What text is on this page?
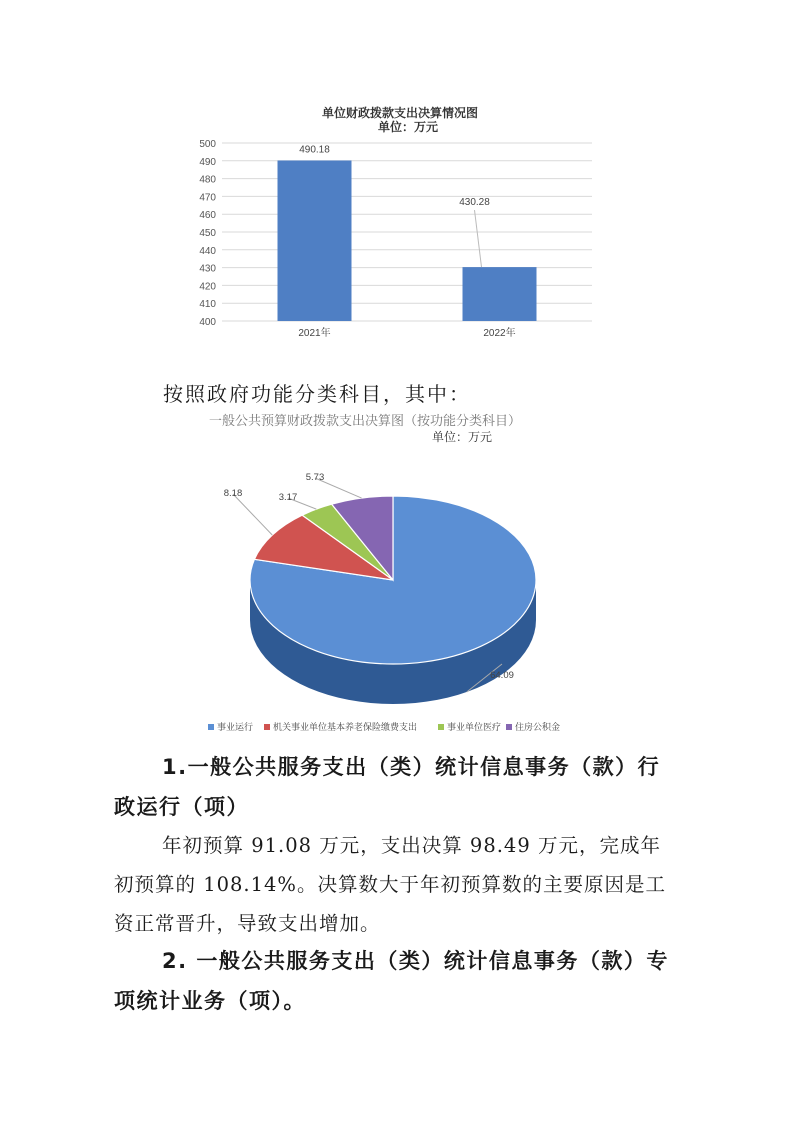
单位财政拨款支出决算情况图
单位：万元
400
410
420
430
440
450
460
470
480
490
500
2021年	2022年
490.18
430.28
一般公共预算财政拨款支出决算图（按功能分类科目）
单位：万元
64.09
8.18	3.17
5.73
事业运行 机关事业单位基本养老保险缴费支出	事业单位医疗 住房公积金
按照政府功能分类科目，其中：
1.一般公共服务支出（类）统计信息事务（款）行政运行（项）
年初预算 91.08 万元，支出决算 98.49 万元，完成年初预算的 108.14%。决算数大于年初预算数的主要原因是工资正常晋升，导致支出增加。
2. 一般公共服务支出（类）统计信息事务（款）专项统计业务（项）。
